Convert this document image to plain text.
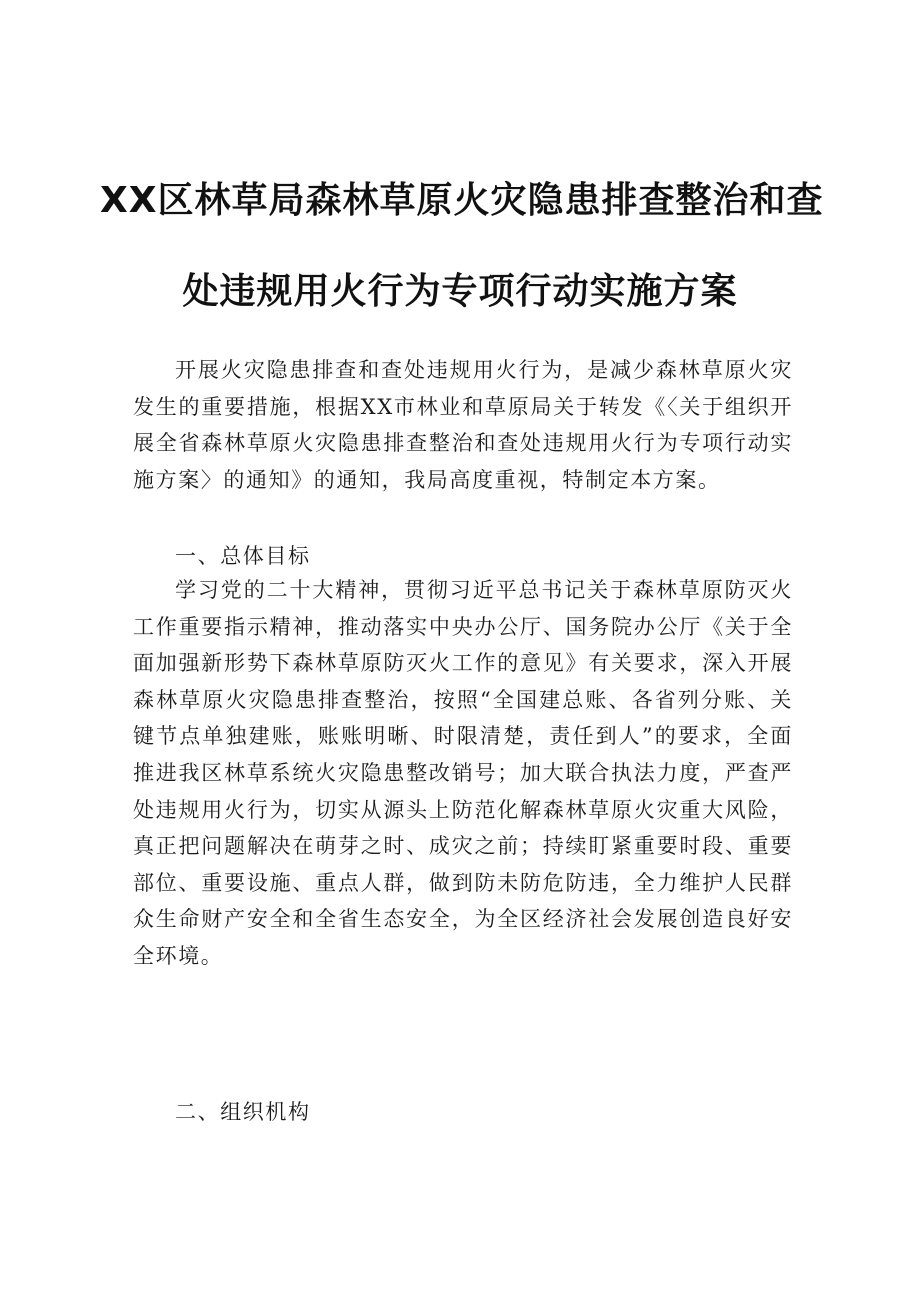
XX区林草局森林草原火灾隐患排查整治和查
处违规用火行为专项行动实施方案
开展火灾隐患排查和查处违规用火行为，是减少森林草原火灾发生的重要措施，根据XX市林业和草原局关于转发《〈关于组织开展全省森林草原火灾隐患排查整治和查处违规用火行为专项行动实施方案〉的通知》的通知，我局高度重视，特制定本方案。
一、总体目标
学习党的二十大精神，贯彻习近平总书记关于森林草原防灭火工作重要指示精神，推动落实中央办公厅、国务院办公厅《关于全面加强新形势下森林草原防灭火工作的意见》有关要求，深入开展森林草原火灾隐患排查整治，按照“全国建总账、各省列分账、关键节点单独建账，账账明晰、时限清楚，责任到人”的要求，全面推进我区林草系统火灾隐患整改销号；加大联合执法力度，严查严处违规用火行为，切实从源头上防范化解森林草原火灾重大风险，真正把问题解决在萌芽之时、成灾之前；持续盯紧重要时段、重要部位、重要设施、重点人群，做到防未防危防违，全力维护人民群众生命财产安全和全省生态安全，为全区经济社会发展创造良好安全环境。
二、组织机构
